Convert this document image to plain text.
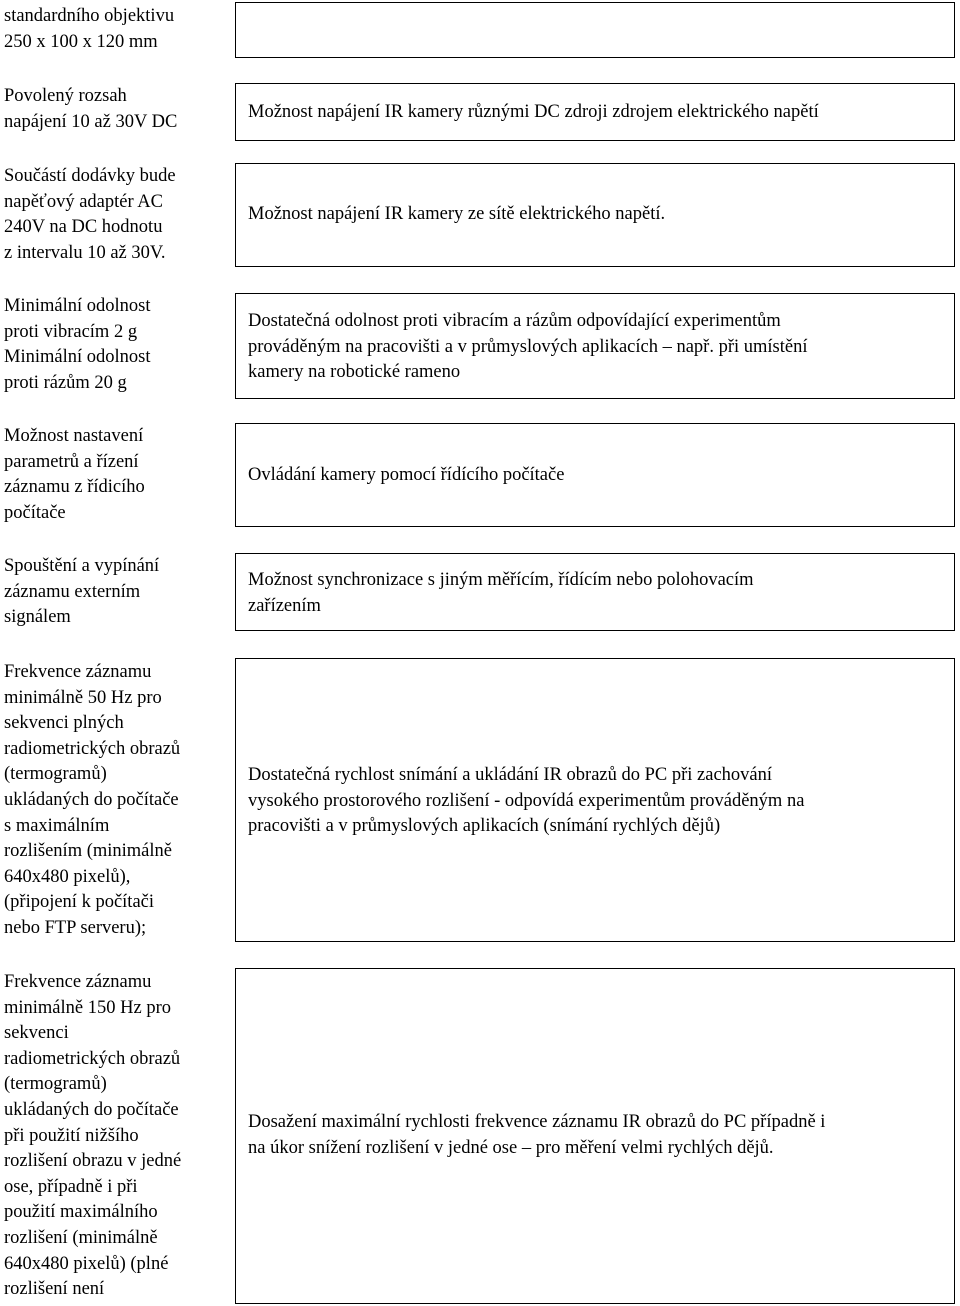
standardního objektivu
250 x 100 x 120 mm
Povolený rozsah
napájení 10 až 30V DC	Možnost napájení IR kamery různými DC zdroji zdrojem elektrického napětí
Součástí dodávky bude
napěťový adaptér AC
240V na DC hodnotu
z intervalu 10 až 30V.
Možnost napájení IR kamery ze sítě elektrického napětí.
Minimální odolnost
proti vibracím 2 g
Minimální odolnost
proti rázům 20 g
Dostatečná odolnost proti vibracím a rázům odpovídající experimentům
prováděným na pracovišti a v průmyslových aplikacích – např. při umístění
kamery na robotické rameno
Možnost nastavení
parametrů a řízení
záznamu z řídicího
počítače
Ovládání kamery pomocí řídícího počítače
Spouštění a vypínání
záznamu externím
signálem
Možnost synchronizace s jiným měřícím, řídícím nebo polohovacím
zařízením
Frekvence záznamu
minimálně 50 Hz pro
sekvenci plných
radiometrických obrazů
(termogramů)
ukládaných do počítače
s maximálním
rozlišením (minimálně
640x480 pixelů),
(připojení k počítači
nebo FTP serveru);
Dostatečná rychlost snímání a ukládání IR obrazů do PC při zachování
vysokého prostorového rozlišení - odpovídá experimentům prováděným na
pracovišti a v průmyslových aplikacích (snímání rychlých dějů)
Frekvence záznamu
minimálně 150 Hz pro
sekvenci
radiometrických obrazů
(termogramů)
ukládaných do počítače
při použití nižšího
rozlišení obrazu v jedné
ose, případně i při
použití maximálního
rozlišení (minimálně
640x480 pixelů) (plné
rozlišení není
Dosažení maximální rychlosti frekvence záznamu IR obrazů do PC případně i
na úkor snížení rozlišení v jedné ose – pro měření velmi rychlých dějů.
